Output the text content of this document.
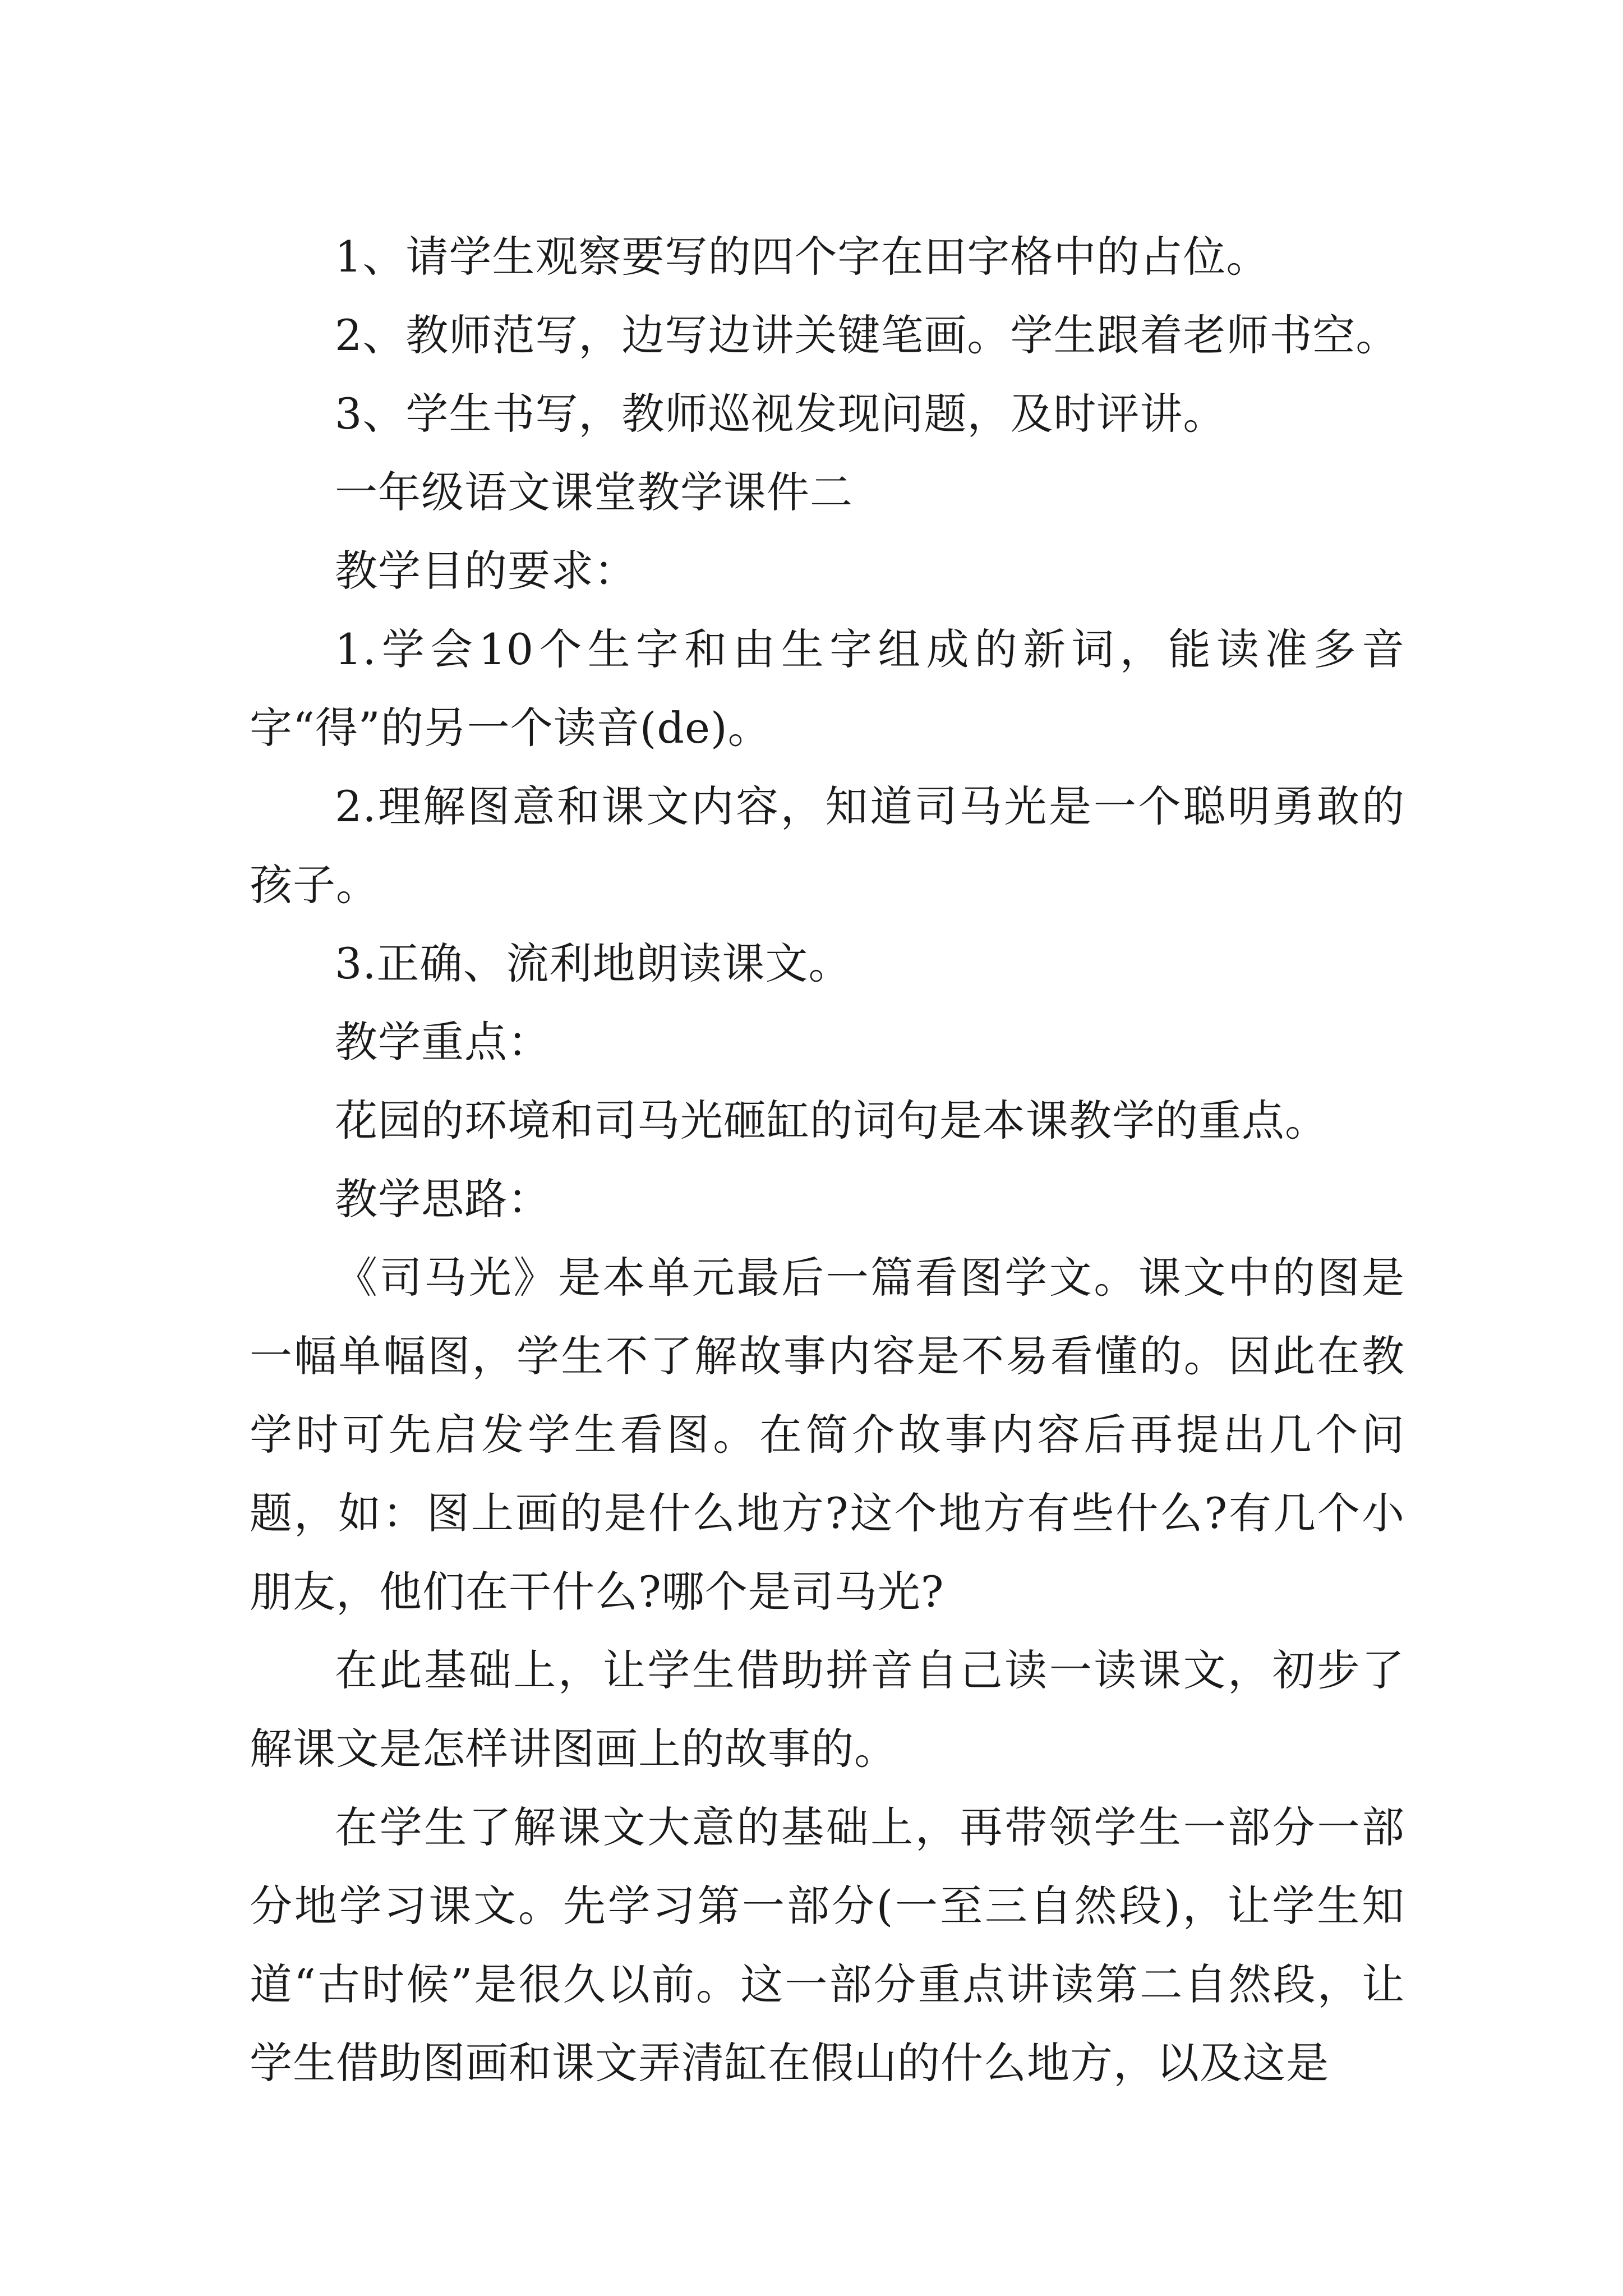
1、请学生观察要写的四个字在田字格中的占位。

2、教师范写，边写边讲关键笔画。学生跟着老师书空。

3、学生书写，教师巡视发现问题，及时评讲。

一年级语文课堂教学课件二

教学目的要求：

1.学会10个生字和由生字组成的新词，能读准多音字“得”的另一个读音(de)。

2.理解图意和课文内容，知道司马光是一个聪明勇敢的孩子。

3.正确、流利地朗读课文。

教学重点：

花园的环境和司马光砸缸的词句是本课教学的重点。

教学思路：

《司马光》是本单元最后一篇看图学文。课文中的图是一幅单幅图，学生不了解故事内容是不易看懂的。因此在教学时可先启发学生看图。在简介故事内容后再提出几个问题，如：图上画的是什么地方?这个地方有些什么?有几个小朋友，他们在干什么?哪个是司马光?

在此基础上，让学生借助拼音自己读一读课文，初步了解课文是怎样讲图画上的故事的。

在学生了解课文大意的基础上，再带领学生一部分一部分地学习课文。先学习第一部分(一至三自然段)，让学生知道“古时候”是很久以前。这一部分重点讲读第二自然段，让学生借助图画和课文弄清缸在假山的什么地方，以及这是
